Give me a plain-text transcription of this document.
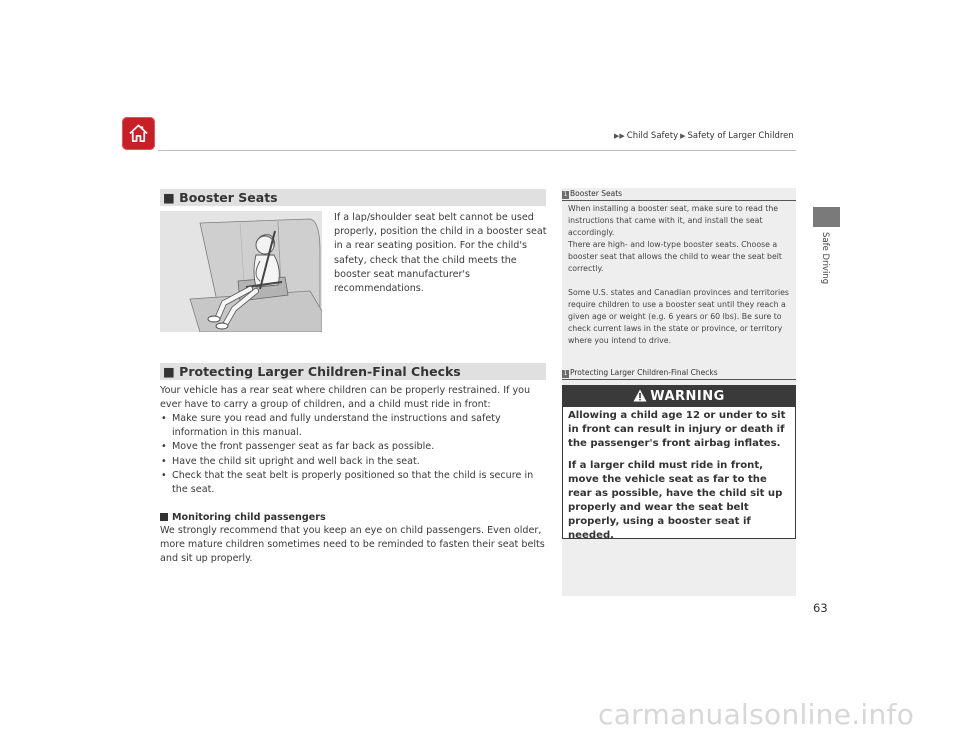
▶▶ Child Safety ▶ Safety of Larger Children
Safe Driving
■ Booster Seats
If a lap/shoulder seat belt cannot be used properly, position the child in a booster seat in a rear seating position. For the child's safety, check that the child meets the booster seat manufacturer's recommendations.
■ Protecting Larger Children-Final Checks
Your vehicle has a rear seat where children can be properly restrained. If you ever have to carry a group of children, and a child must ride in front:
• Make sure you read and fully understand the instructions and safety information in this manual.
• Move the front passenger seat as far back as possible.
• Have the child sit upright and well back in the seat.
• Check that the seat belt is properly positioned so that the child is secure in the seat.
Monitoring child passengers
We strongly recommend that you keep an eye on child passengers. Even older, more mature children sometimes need to be reminded to fasten their seat belts and sit up properly.
1 Booster Seats
When installing a booster seat, make sure to read the instructions that came with it, and install the seat accordingly.
There are high- and low-type booster seats. Choose a booster seat that allows the child to wear the seat belt correctly.
Some U.S. states and Canadian provinces and territories require children to use a booster seat until they reach a given age or weight (e.g. 6 years or 60 lbs). Be sure to check current laws in the state or province, or territory where you intend to drive.
1 Protecting Larger Children-Final Checks
WARNING

Allowing a child age 12 or under to sit in front can result in injury or death if the passenger's front airbag inflates.

If a larger child must ride in front, move the vehicle seat as far to the rear as possible, have the child sit up properly and wear the seat belt properly, using a booster seat if needed.

63
carmanualsonline.info
